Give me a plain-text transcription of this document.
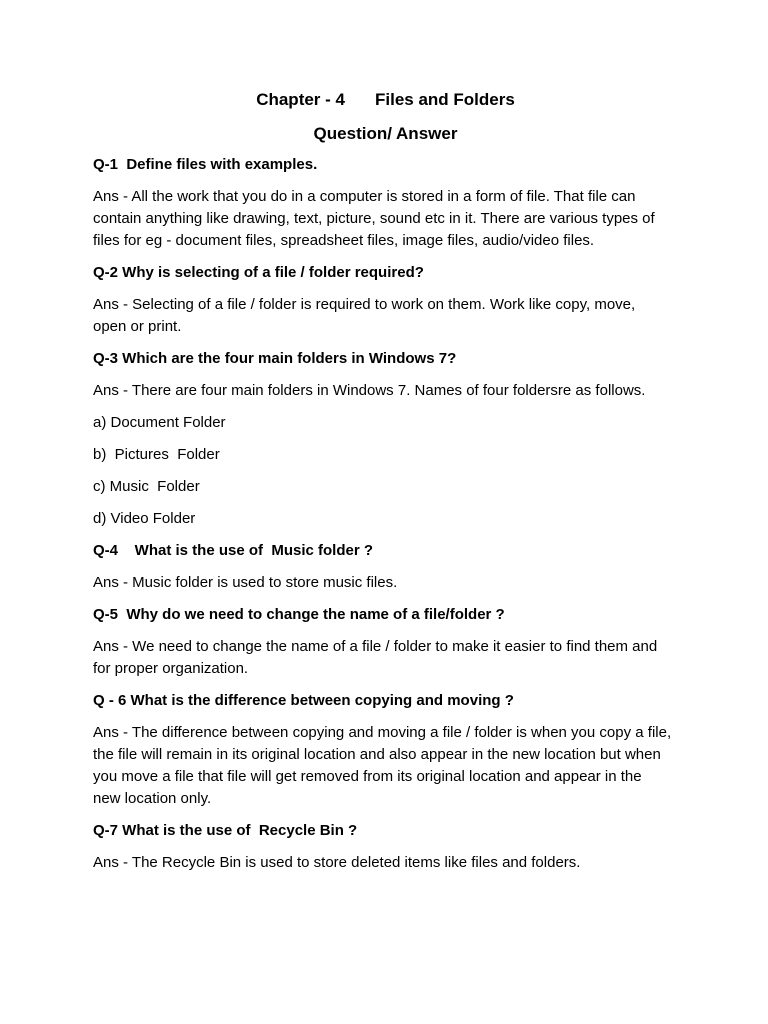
Chapter - 4 Files and Folders
Question/ Answer
Q-1  Define files with examples.
Ans - All the work that you do in a computer is stored in a form of file. That file can contain anything like drawing, text, picture, sound etc in it. There are various types of files for eg - document files, spreadsheet files, image files, audio/video files.
Q-2 Why is selecting of a file / folder required?
Ans - Selecting of a file / folder is required to work on them. Work like copy, move, open or print.
Q-3 Which are the four main folders in Windows 7?
Ans - There are four main folders in Windows 7. Names of four foldersre as follows.
a) Document Folder
b)  Pictures  Folder
c) Music  Folder
d) Video Folder
Q-4    What is the use of  Music folder ?
Ans - Music folder is used to store music files.
Q-5  Why do we need to change the name of a file/folder ?
Ans - We need to change the name of a file / folder to make it easier to find them and for proper organization.
Q - 6 What is the difference between copying and moving ?
Ans - The difference between copying and moving a file / folder is when you copy a file, the file will remain in its original location and also appear in the new location but when you move a file that file will get removed from its original location and appear in the new location only.
Q-7 What is the use of  Recycle Bin ?
Ans - The Recycle Bin is used to store deleted items like files and folders.
